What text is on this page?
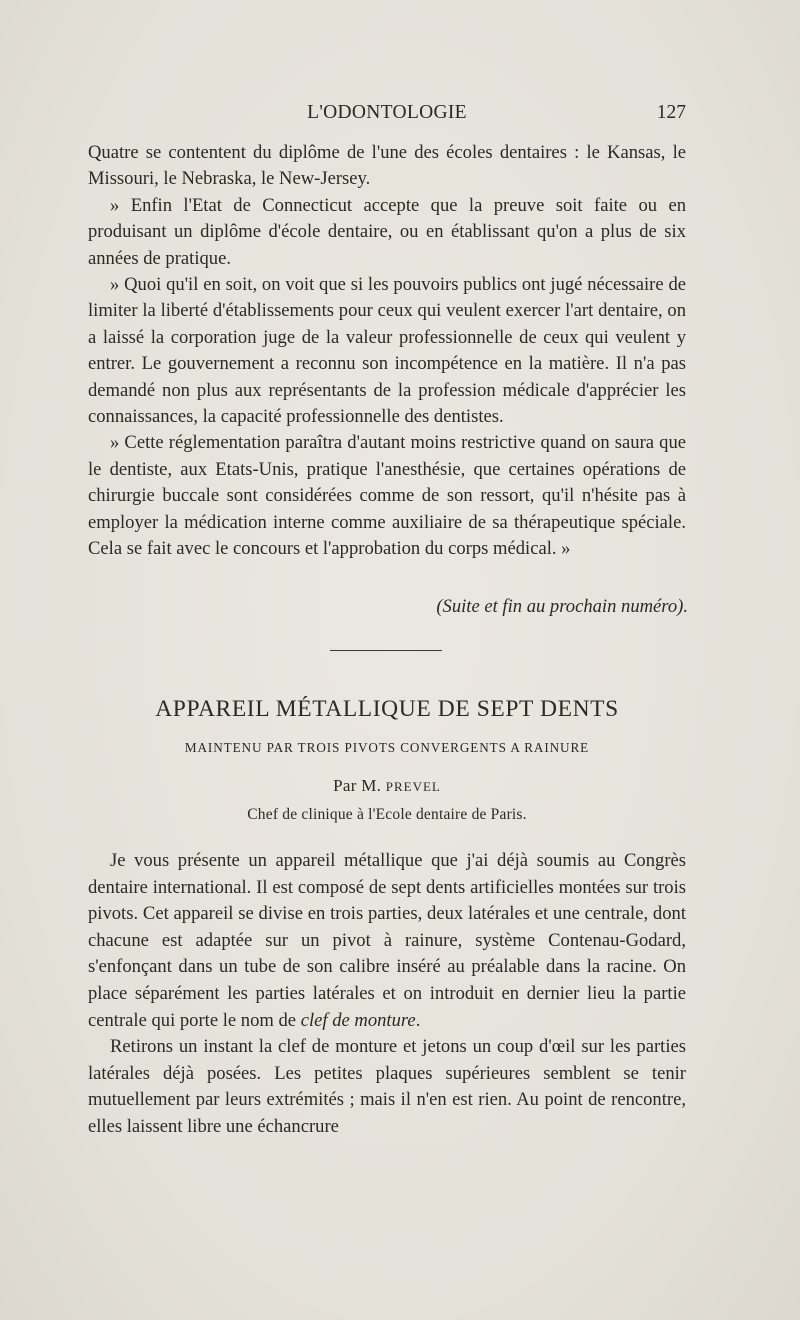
L'ODONTOLOGIE	127

Quatre se contentent du diplôme de l'une des écoles dentaires : le Kansas, le Missouri, le Nebraska, le New-Jersey.

» Enfin l'Etat de Connecticut accepte que la preuve soit faite ou en produisant un diplôme d'école dentaire, ou en établissant qu'on a plus de six années de pratique.

» Quoi qu'il en soit, on voit que si les pouvoirs publics ont jugé nécessaire de limiter la liberté d'établissements pour ceux qui veulent exercer l'art dentaire, on a laissé la corporation juge de la valeur professionnelle de ceux qui veulent y entrer. Le gouvernement a reconnu son incompétence en la matière. Il n'a pas demandé non plus aux représentants de la profession médicale d'apprécier les connaissances, la capacité professionnelle des dentistes.

» Cette réglementation paraîtra d'autant moins restrictive quand on saura que le dentiste, aux Etats-Unis, pratique l'anesthésie, que certaines opérations de chirurgie buccale sont considérées comme de son ressort, qu'il n'hésite pas à employer la médication interne comme auxiliaire de sa thérapeutique spéciale. Cela se fait avec le concours et l'approbation du corps médical. »

(Suite et fin au prochain numéro).
APPAREIL MÉTALLIQUE DE SEPT DENTS
MAINTENU PAR TROIS PIVOTS CONVERGENTS A RAINURE
Par M. PREVEL
Chef de clinique à l'Ecole dentaire de Paris.

Je vous présente un appareil métallique que j'ai déjà soumis au Congrès dentaire international. Il est composé de sept dents artificielles montées sur trois pivots. Cet appareil se divise en trois parties, deux latérales et une centrale, dont chacune est adaptée sur un pivot à rainure, système Contenau-Godard, s'enfonçant dans un tube de son calibre inséré au préalable dans la racine. On place séparément les parties latérales et on introduit en dernier lieu la partie centrale qui porte le nom de clef de monture.

Retirons un instant la clef de monture et jetons un coup d'œil sur les parties latérales déjà posées. Les petites plaques supérieures semblent se tenir mutuellement par leurs extrémités ; mais il n'en est rien. Au point de rencontre, elles laissent libre une échancrure
